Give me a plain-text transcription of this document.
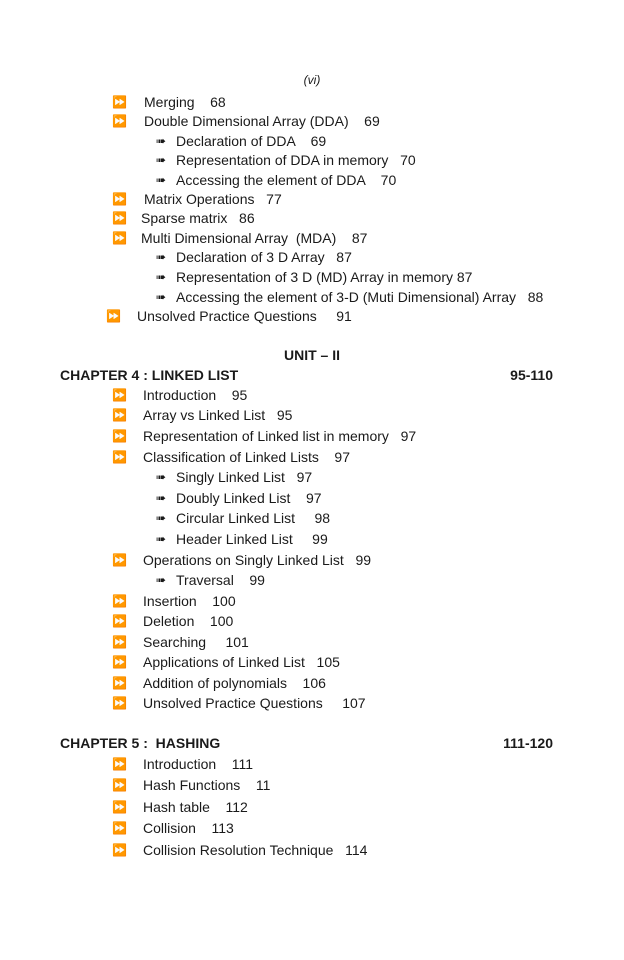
(vi)
⏩ Merging    68
⏩ Double Dimensional Array (DDA)    69
➠ Declaration of DDA    69
➠ Representation of DDA in memory   70
➠ Accessing the element of DDA    70
⏩ Matrix Operations   77
⏩ Sparse matrix   86
⏩ Multi Dimensional Array  (MDA)    87
➠ Declaration of 3 D Array   87
➠ Representation of 3 D (MD) Array in memory 87
➠ Accessing the element of 3-D (Muti Dimensional) Array   88
⏩ Unsolved Practice Questions     91
UNIT – II
CHAPTER 4 : LINKED LIST	95-110
⏩ Introduction    95
⏩ Array vs Linked List   95
⏩ Representation of Linked list in memory   97
⏩ Classification of Linked Lists    97
➠ Singly Linked List   97
➠ Doubly Linked List    97
➠ Circular Linked List     98
➠ Header Linked List     99
⏩ Operations on Singly Linked List   99
➠ Traversal    99
⏩ Insertion    100
⏩ Deletion    100
⏩ Searching     101
⏩ Applications of Linked List   105
⏩ Addition of polynomials    106
⏩ Unsolved Practice Questions     107
CHAPTER 5 :  HASHING	111-120
⏩ Introduction    111
⏩ Hash Functions    11
⏩ Hash table    112
⏩ Collision    113
⏩ Collision Resolution Technique   114
